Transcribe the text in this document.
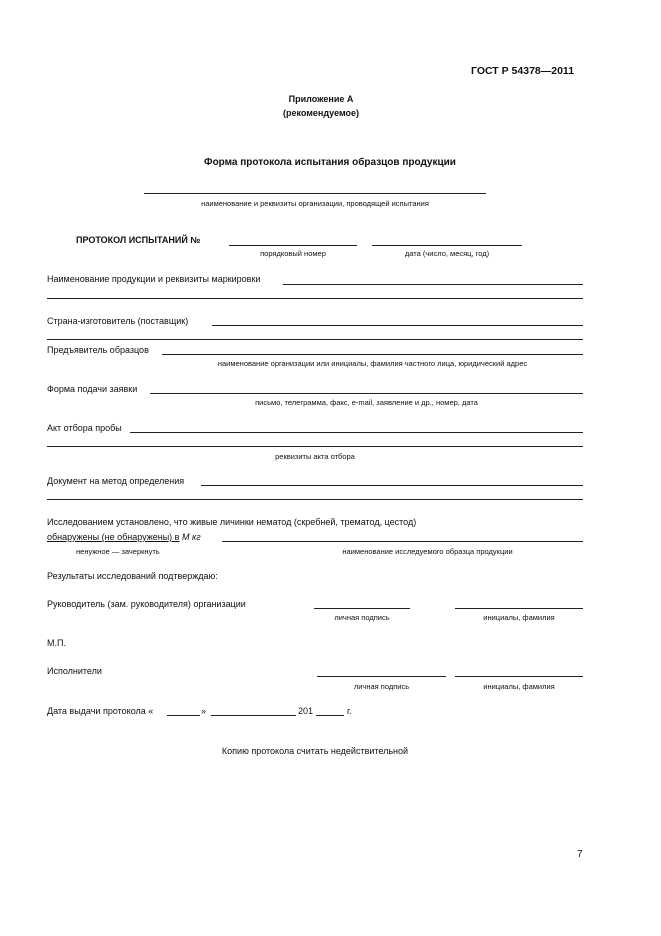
ГОСТ Р 54378—2011
Приложение А
(рекомендуемое)
Форма протокола испытания образцов продукции
наименование и реквизиты организации, проводящей испытания
ПРОТОКОЛ ИСПЫТАНИЙ №
порядковый номер	дата (число, месяц, год)
Наименование продукции и реквизиты маркировки
Страна-изготовитель (поставщик)
Предъявитель образцов
наименование организации или инициалы, фамилия частного лица, юридический адрес
Форма подачи заявки
письмо, телеграмма, факс, e-mail, заявление и др., номер, дата
Акт отбора пробы
реквизиты акта отбора
Документ на метод определения
Исследованием установлено, что живые личинки нематод (скребней, трематод, цестод)
обнаружены (не обнаружены) в М кг
ненужное — зачеркнуть	наименование исследуемого образца продукции
Результаты исследований подтверждаю:
Руководитель (зам. руководителя) организации
личная подпись	инициалы, фамилия
М.П.
Исполнители
личная подпись	инициалы, фамилия
Дата выдачи протокола «	»	201	г.
Копию протокола считать недействительной
7
